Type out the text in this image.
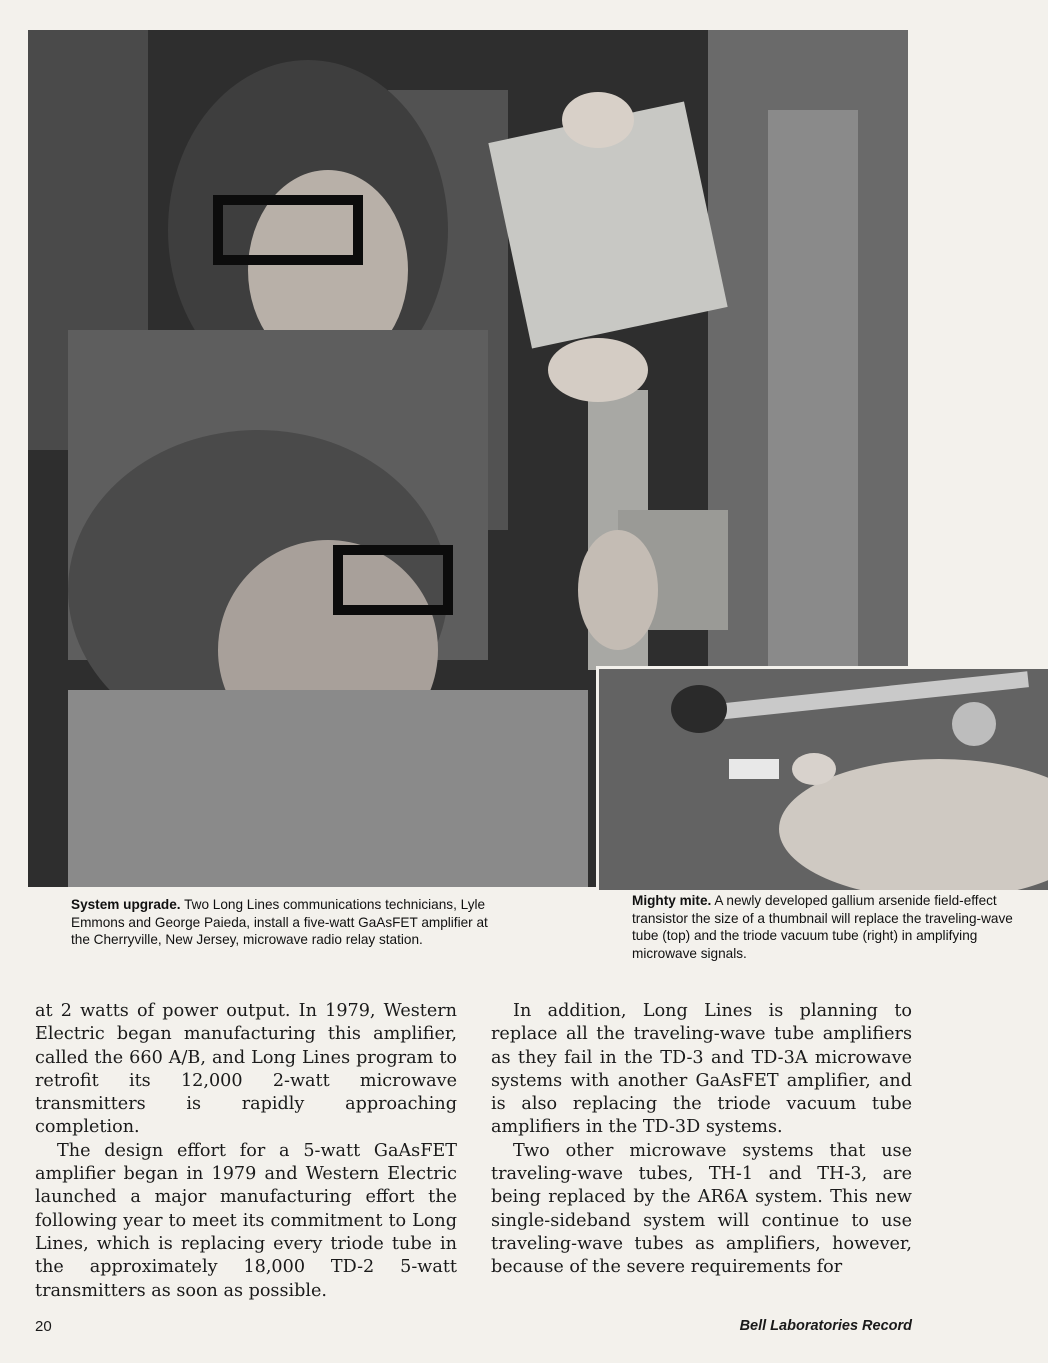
System upgrade. Two Long Lines communications technicians, Lyle Emmons and George Paieda, install a five-watt GaAsFET amplifier at the Cherryville, New Jersey, microwave radio relay station.
Mighty mite. A newly developed gallium arsenide field-effect transistor the size of a thumbnail will replace the traveling-wave tube (top) and the triode vacuum tube (right) in amplifying microwave signals.

at 2 watts of power output. In 1979, Western Electric began manufacturing this amplifier, called the 660 A/B, and Long Lines program to retrofit its 12,000 2-watt microwave transmitters is rapidly approaching completion.

The design effort for a 5-watt GaAsFET amplifier began in 1979 and Western Electric launched a major manufacturing effort the following year to meet its commitment to Long Lines, which is replacing every triode tube in the approximately 18,000 TD-2 5-watt transmitters as soon as possible.

In addition, Long Lines is planning to replace all the traveling-wave tube amplifiers as they fail in the TD-3 and TD-3A microwave systems with another GaAsFET amplifier, and is also replacing the triode vacuum tube amplifiers in the TD-3D systems.

Two other microwave systems that use traveling-wave tubes, TH-1 and TH-3, are being replaced by the AR6A system. This new single-sideband system will continue to use traveling-wave tubes as amplifiers, however, because of the severe requirements for

20	Bell Laboratories Record
